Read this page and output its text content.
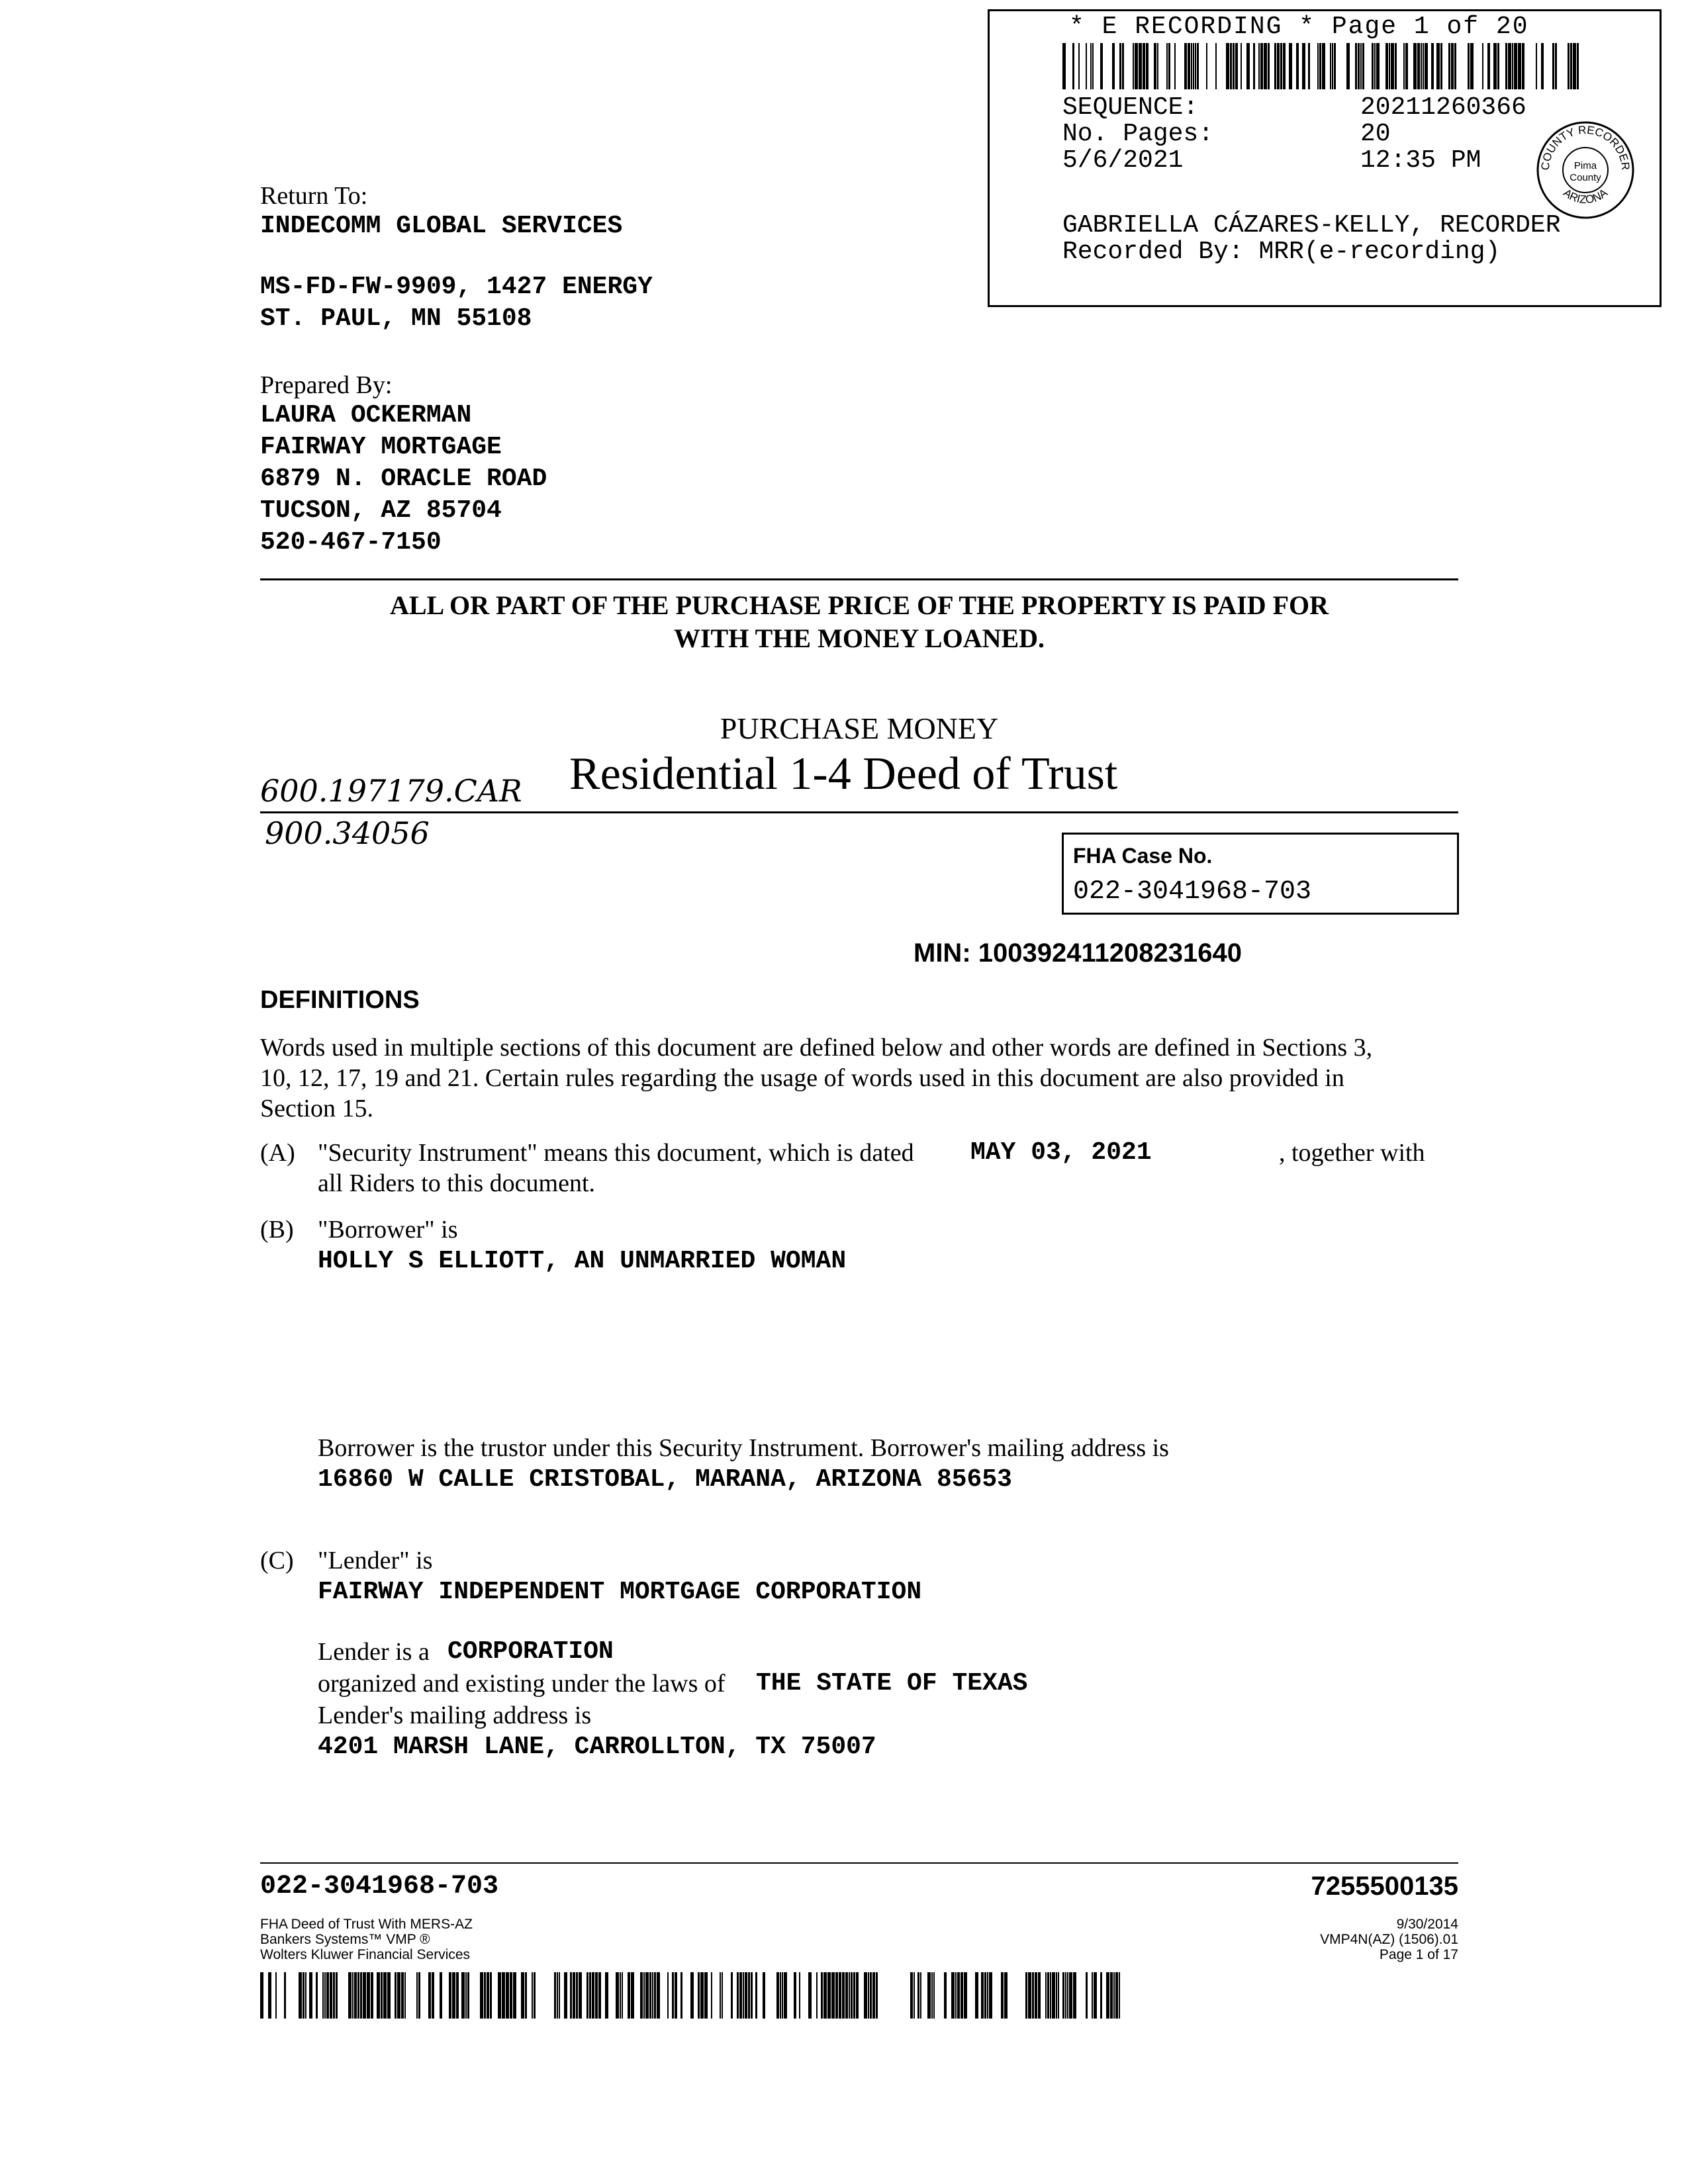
* E RECORDING * Page 1 of 20
SEQUENCE:	20211260366
No. Pages:	20
5/6/2021	12:35 PM	COUNTY RECORDER
ARIZONA
Pima
County
GABRIELLA CÁZARES-KELLY, RECORDER
Recorded By: MRR(e-recording)
Return To:
INDECOMM GLOBAL SERVICES
MS-FD-FW-9909, 1427 ENERGY
ST. PAUL, MN 55108
Prepared By:
LAURA OCKERMAN
FAIRWAY MORTGAGE
6879 N. ORACLE ROAD
TUCSON, AZ 85704
520-467-7150
ALL OR PART OF THE PURCHASE PRICE OF THE PROPERTY IS PAID FOR
WITH THE MONEY LOANED.
PURCHASE MONEY
Residential 1-4 Deed of Trust
600.197179.CAR
900.34056
FHA Case No.
022-3041968-703
MIN: 100392411208231640
DEFINITIONS
Words used in multiple sections of this document are defined below and other words are defined in Sections 3,
10, 12, 17, 19 and 21. Certain rules regarding the usage of words used in this document are also provided in
Section 15.
(A) "Security Instrument" means this document, which is dated MAY 03, 2021	, together with
all Riders to this document.
(B) "Borrower" is
HOLLY S ELLIOTT, AN UNMARRIED WOMAN
Borrower is the trustor under this Security Instrument. Borrower's mailing address is
16860 W CALLE CRISTOBAL, MARANA, ARIZONA 85653
(C) "Lender" is
FAIRWAY INDEPENDENT MORTGAGE CORPORATION
Lender is a CORPORATION
organized and existing under the laws of THE STATE OF TEXAS
Lender's mailing address is
4201 MARSH LANE, CARROLLTON, TX 75007
022-3041968-703	7255500135
FHA Deed of Trust With MERS-AZ
Bankers Systems™ VMP ®
Wolters Kluwer Financial Services
9/30/2014
VMP4N(AZ) (1506).01
Page 1 of 17
